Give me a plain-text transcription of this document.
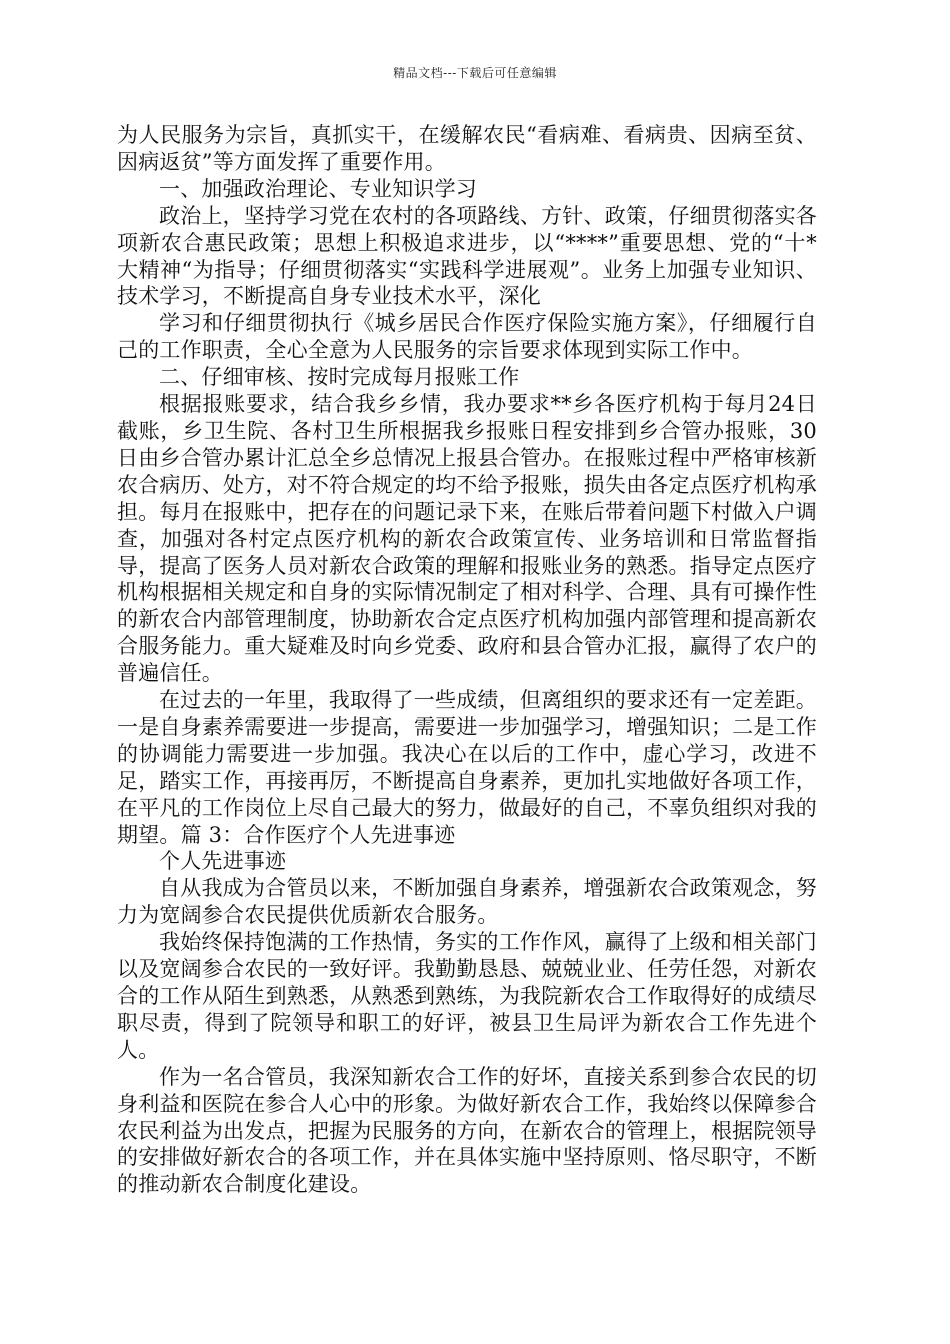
精品文档---下载后可任意编辑

为人民服务为宗旨，真抓实干，在缓解农民“看病难、看病贵、因病至贫、因病返贫”等方面发挥了重要作用。

一、加强政治理论、专业知识学习

政治上，坚持学习党在农村的各项路线、方针、政策，仔细贯彻落实各项新农合惠民政策；思想上积极追求进步，以“****”重要思想、党的“十*大精神“为指导；仔细贯彻落实“实践科学进展观”。业务上加强专业知识、技术学习，不断提高自身专业技术水平，深化

学习和仔细贯彻执行《城乡居民合作医疗保险实施方案》，仔细履行自己的工作职责，全心全意为人民服务的宗旨要求体现到实际工作中。

二、仔细审核、按时完成每月报账工作

根据报账要求，结合我乡乡情，我办要求**乡各医疗机构于每月24日截账，乡卫生院、各村卫生所根据我乡报账日程安排到乡合管办报账，30日由乡合管办累计汇总全乡总情况上报县合管办。在报账过程中严格审核新农合病历、处方，对不符合规定的均不给予报账，损失由各定点医疗机构承担。每月在报账中，把存在的问题记录下来，在账后带着问题下村做入户调查，加强对各村定点医疗机构的新农合政策宣传、业务培训和日常监督指导，提高了医务人员对新农合政策的理解和报账业务的熟悉。指导定点医疗机构根据相关规定和自身的实际情况制定了相对科学、合理、具有可操作性的新农合内部管理制度，协助新农合定点医疗机构加强内部管理和提高新农合服务能力。重大疑难及时向乡党委、政府和县合管办汇报，赢得了农户的普遍信任。

在过去的一年里，我取得了一些成绩，但离组织的要求还有一定差距。一是自身素养需要进一步提高，需要进一步加强学习，增强知识；二是工作的协调能力需要进一步加强。我决心在以后的工作中，虚心学习，改进不足，踏实工作，再接再厉，不断提高自身素养，更加扎实地做好各项工作，在平凡的工作岗位上尽自己最大的努力，做最好的自己，不辜负组织对我的期望。篇 3：合作医疗个人先进事迹

个人先进事迹

自从我成为合管员以来，不断加强自身素养，增强新农合政策观念，努力为宽阔参合农民提供优质新农合服务。

我始终保持饱满的工作热情，务实的工作作风，赢得了上级和相关部门以及宽阔参合农民的一致好评。我勤勤恳恳、兢兢业业、任劳任怨，对新农合的工作从陌生到熟悉，从熟悉到熟练，为我院新农合工作取得好的成绩尽职尽责，得到了院领导和职工的好评，被县卫生局评为新农合工作先进个人。

作为一名合管员，我深知新农合工作的好坏，直接关系到参合农民的切身利益和医院在参合人心中的形象。为做好新农合工作，我始终以保障参合农民利益为出发点，把握为民服务的方向，在新农合的管理上，根据院领导的安排做好新农合的各项工作，并在具体实施中坚持原则、恪尽职守，不断的推动新农合制度化建设。
